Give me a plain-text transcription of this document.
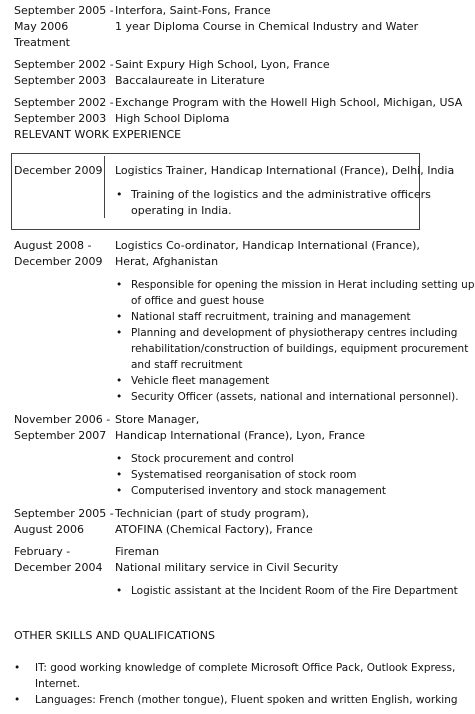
September 2005 -
May 2006
Interfora, Saint-Fons, France
1 year Diploma Course in Chemical Industry and Water
Treatment
September 2002 -
September 2003
Saint Expury High School, Lyon, France
Baccalaureate in Literature
September 2002 -
September 2003
Exchange Program with the Howell High School, Michigan, USA
High School Diploma
RELEVANT WORK EXPERIENCE
December 2009	Logistics Trainer, Handicap International (France), Delhi, India
• Training of the logistics and the administrative officers
operating in India.
August 2008 -
December 2009
Logistics Co-ordinator, Handicap International (France),
Herat, Afghanistan
• Responsible for opening the mission in Herat including setting up
of office and guest house
• National staff recruitment, training and management
• Planning and development of physiotherapy centres including
rehabilitation/construction of buildings, equipment procurement
and staff recruitment
• Vehicle fleet management
• Security Officer (assets, national and international personnel).
November 2006 -
September 2007
Store Manager,
Handicap International (France), Lyon, France
• Stock procurement and control
• Systematised reorganisation of stock room
• Computerised inventory and stock management
September 2005 -
August 2006
Technician (part of study program),
ATOFINA (Chemical Factory), France
February -
December 2004
Fireman
National military service in Civil Security
• Logistic assistant at the Incident Room of the Fire Department
OTHER SKILLS AND QUALIFICATIONS
• IT: good working knowledge of complete Microsoft Office Pack, Outlook Express,
Internet.
• Languages: French (mother tongue), Fluent spoken and written English, working
